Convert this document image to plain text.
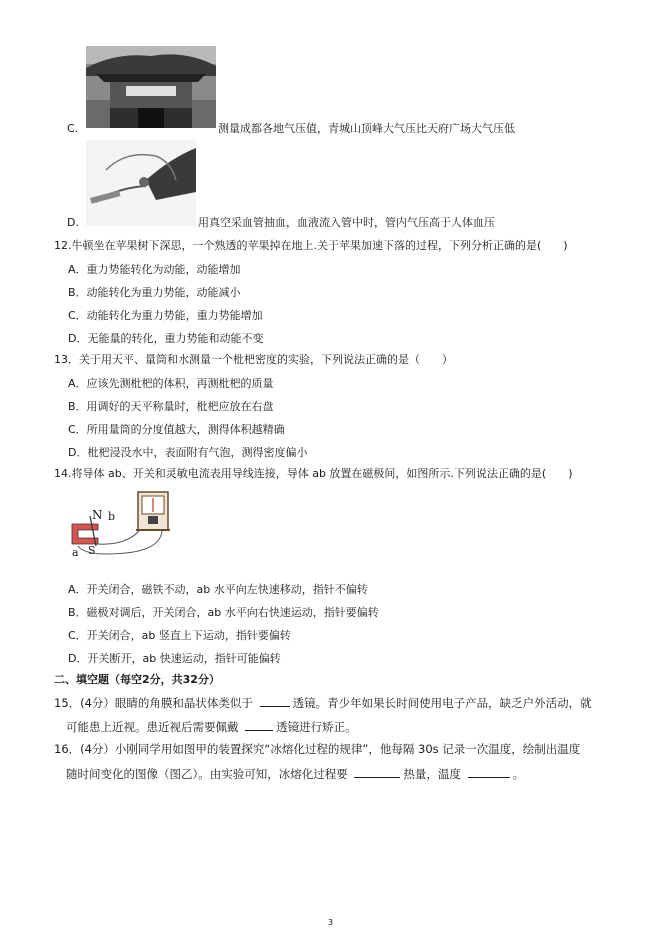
C.	测量成都各地气压值，青城山顶峰大气压比天府广场大气压低
D.	用真空采血管抽血，血液流入管中时，管内气压高于人体血压
12.牛顿坐在苹果树下深思，一个熟透的苹果掉在地上.关于苹果加速下落的过程，下列分析正确的是(　　)
A．重力势能转化为动能，动能增加
B．动能转化为重力势能，动能减小
C．动能转化为重力势能，重力势能增加
D．无能量的转化，重力势能和动能不变
13．关于用天平、量筒和水测量一个枇杷密度的实验，下列说法正确的是（　　）
A．应该先测枇杷的体积，再测枇杷的质量
B．用调好的天平称量时，枇杷应放在右盘
C．所用量筒的分度值越大，测得体积越精确
D．枇杷浸没水中，表面附有气泡，测得密度偏小
14.将导体 ab、开关和灵敏电流表用导线连接，导体 ab 放置在磁极间，如图所示.下列说法正确的是(　　)
N b
S
a
A．开关闭合，磁铁不动，ab 水平向左快速移动，指针不偏转
B．磁极对调后，开关闭合，ab 水平向右快速运动，指针要偏转
C．开关闭合，ab 竖直上下运动，指针要偏转
D．开关断开，ab 快速运动，指针可能偏转
二、填空题（每空2分，共32分）
15．(4分）眼睛的角膜和晶状体类似于	透镜。青少年如果长时间使用电子产品，缺乏户外活动，就
可能患上近视。患近视后需要佩戴	透镜进行矫正。
16．(4分）小刚同学用如图甲的装置探究“冰熔化过程的规律”，他每隔 30s 记录一次温度，绘制出温度
随时间变化的图像（图乙）。由实验可知，冰熔化过程要	热量，温度	。
3
